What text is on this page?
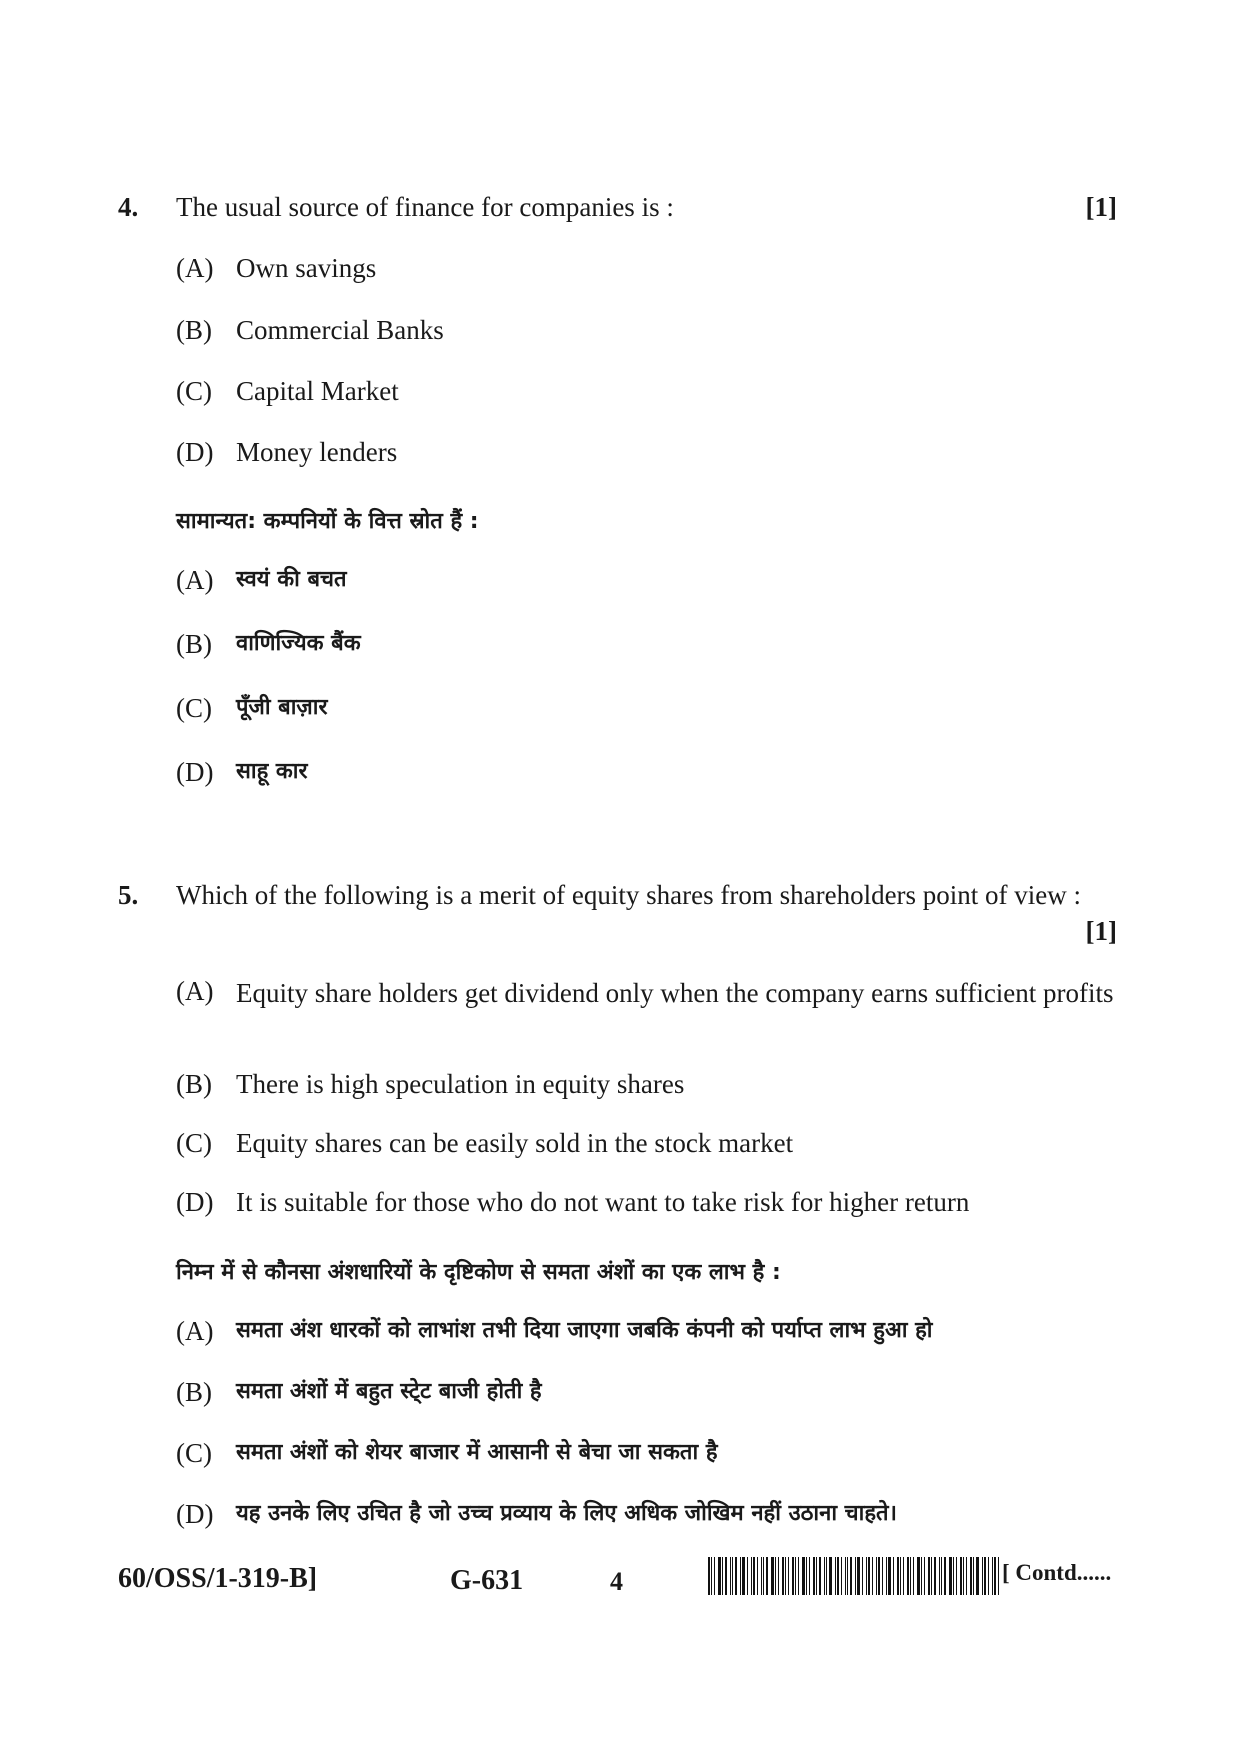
4. The usual source of finance for companies is :	[1]
(A) Own savings
(B) Commercial Banks
(C) Capital Market
(D) Money lenders
सामान्यत: कम्पनियों के वित्त स्रोत हैं :
(A)	स्वयं की बचत
(B)	वाणिज्यिक बैंक
(C)	पूँजी बाज़ार
(D)	साहू कार
5. Which of the following is a merit of equity shares from shareholders point of view :
[1]
(A) Equity share holders get dividend only when the company earns sufficient profits
(B) There is high speculation in equity shares
(C) Equity shares can be easily sold in the stock market
(D) It is suitable for those who do not want to take risk for higher return
निम्न में से कौनसा अंशधारियों के दृष्टिकोण से समता अंशों का एक लाभ है :
(A)	समता अंश धारकों को लाभांश तभी दिया जाएगा जबकि कंपनी को पर्याप्त लाभ हुआ हो
(B)	समता अंशों में बहुत स्टे्ट बाजी होती है
(C)	समता अंशों को शेयर बाजार में आसानी से बेचा जा सकता है
(D)	यह उनके लिए उचित है जो उच्च प्रव्याय के लिए अधिक जोखिम नहीं उठाना चाहते।
60/OSS/1-319-B]	G-631	4	[ Contd......
